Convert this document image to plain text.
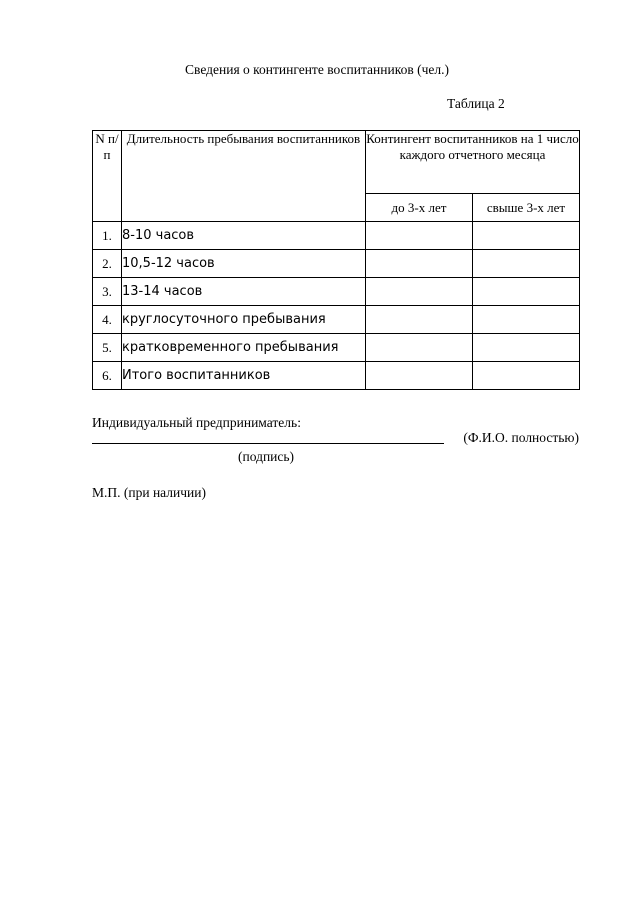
Сведения о контингенте воспитанников (чел.)
Таблица 2
N п/п	Длительность пребывания воспитанников	Контингент воспитанников на 1 число каждого отчетного месяца	
		до 3-х лет	свыше 3-х лет
1.	8-10 часов		
2.	10,5-12 часов		
3.	13-14 часов		
4.	круглосуточного пребывания		
5.	кратковременного пребывания		
6.	Итого воспитанников		
Индивидуальный предприниматель:
(Ф.И.О. полностью)
(подпись)
М.П. (при наличии)
